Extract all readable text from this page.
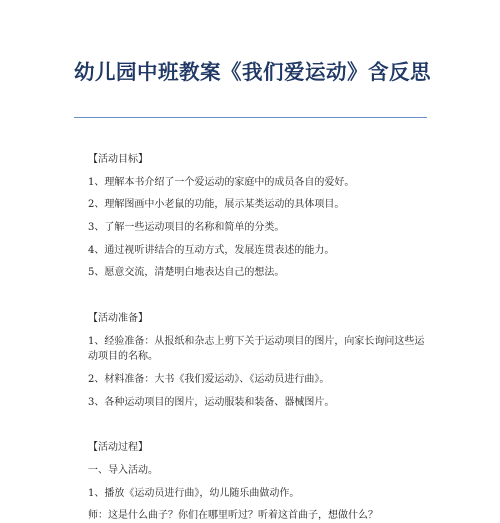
幼儿园中班教案《我们爱运动》含反思
【活动目标】
1、理解本书介绍了一个爱运动的家庭中的成员各自的爱好。
2、理解图画中小老鼠的功能，展示某类运动的具体项目。
3、了解一些运动项目的名称和简单的分类。
4、通过视听讲结合的互动方式，发展连贯表述的能力。
5、愿意交流，清楚明白地表达自己的想法。
【活动准备】
1、经验准备：从报纸和杂志上剪下关于运动项目的图片，向家长询问这些运动项目的名称。
2、材料准备：大书《我们爱运动》、《运动员进行曲》。
3、各种运动项目的图片，运动服装和装备、器械图片。
【活动过程】
一、导入活动。
1、播放《运动员进行曲》，幼儿随乐曲做动作。
师：这是什么曲子？你们在哪里听过？听着这首曲子，想做什么？
